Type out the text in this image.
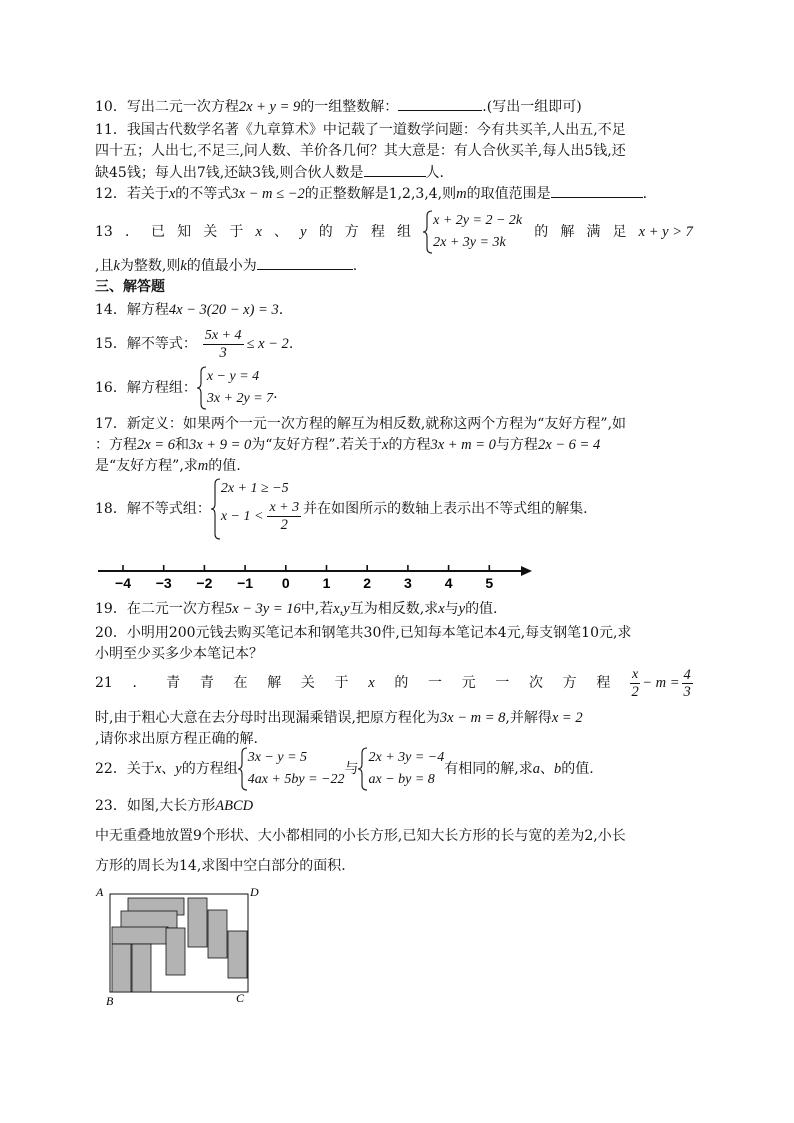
10．写出二元一次方程2x + y = 9的一组整数解：	.(写出一组即可)
11．我国古代数学名著《九章算术》中记载了一道数学问题：今有共买羊,人出五,不足
四十五；人出七,不足三,问人数、羊价各几何？其大意是：有人合伙买羊,每人出5钱,还
缺45钱；每人出7钱,还缺3钱,则合伙人数是	人.
12．若关于x的不等式3x − m ≤ −2的正整数解是1,2,3,4,则m的取值范围是	.
13 ． 已 知 关 于 x 、 y 的 方 程 组
x + 2y = 2 − 2k
2x + 3y = 3k
的 解 满 足 x + y > 7
,且k为整数,则k的值最小为	.
三、解答题
14．解方程4x − 3(20 − x) = 3.
15．解不等式： $\frac{5x + 4}{3} \le x - 2$ .
16．解方程组：
x − y = 4
3x + 2y = 7 .
17．新定义：如果两个一元一次方程的解互为相反数,就称这两个方程为“友好方程”,如
：方程2x = 6和3x + 9 = 0为“友好方程”.若关于x的方程3x + m = 0与方程2x − 6 = 4
是“友好方程”,求m的值.
18．解不等式组：
2x + 1 ≥ −5
$x - 1 < \frac{x + 3}{2}$ 并在如图所示的数轴上表示出不等式组的解集.
−4 −3 −2 −1 0 1 2 3 4 5
19．在二元一次方程5x − 3y = 16中,若x,y互为相反数,求x与y的值.
20．小明用200元钱去购买笔记本和钢笔共30件,已知每本笔记本4元,每支钢笔10元,求
小明至少买多少本笔记本？
21 ． 青 青 在 解 关 于 x 的 一 元 一 次 方 程 $\frac{x}{2} - m = \frac{4}{3}$
时,由于粗心大意在去分母时出现漏乘错误,把原方程化为3x − m = 8,并解得x = 2
,请你求出原方程正确的解.
22．关于 x 、 y 的方程组
3x − y = 5
4ax + 5by = −22
与
2x + 3y = −4
ax − by = 8
有相同的解,求 a 、 b 的值.
23．如图,大长方形ABCD
中无重叠地放置9个形状、大小都相同的小长方形,已知大长方形的长与宽的差为2,小长
方形的周长为14,求图中空白部分的面积.
A	D
B	C
